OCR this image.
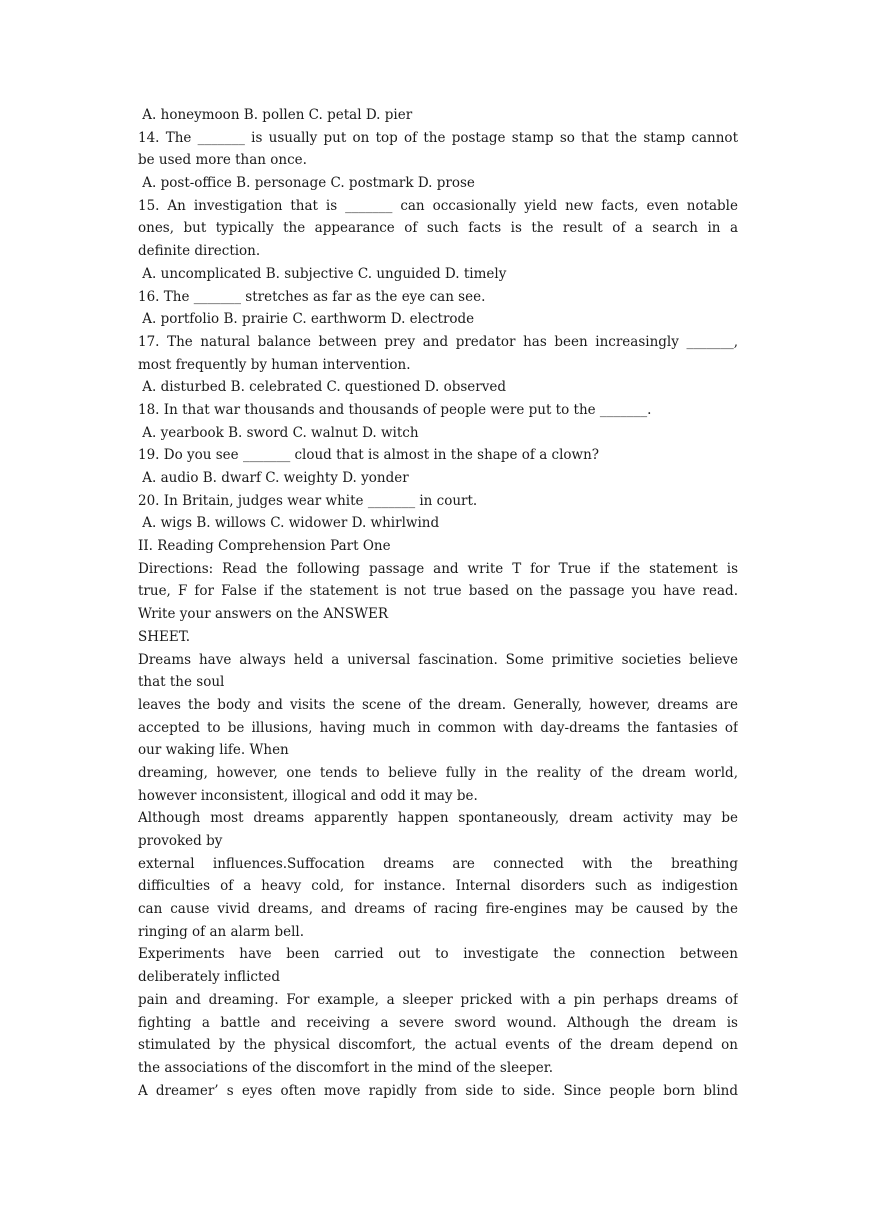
A. honeymoon B. pollen C. petal D. pier
14. The _______ is usually put on top of the postage stamp so that the stamp cannot
be used more than once.
A. post-office B. personage C. postmark D. prose
15. An investigation that is _______ can occasionally yield new facts, even notable
ones, but typically the appearance of such facts is the result of a search in a
definite direction.
A. uncomplicated B. subjective C. unguided D. timely
16. The _______ stretches as far as the eye can see.
A. portfolio B. prairie C. earthworm D. electrode
17. The natural balance between prey and predator has been increasingly _______,
most frequently by human intervention.
A. disturbed B. celebrated C. questioned D. observed
18. In that war thousands and thousands of people were put to the _______.
A. yearbook B. sword C. walnut D. witch
19. Do you see _______ cloud that is almost in the shape of a clown?
A. audio B. dwarf C. weighty D. yonder
20. In Britain, judges wear white _______ in court.
A. wigs B. willows C. widower D. whirlwind
II. Reading Comprehension Part One
Directions: Read the following passage and write T for True if the statement is
true, F for False if the statement is not true based on the passage you have read.
Write your answers on the ANSWER
SHEET.
Dreams have always held a universal fascination. Some primitive societies believe
that the soul
leaves the body and visits the scene of the dream. Generally, however, dreams are
accepted to be illusions, having much in common with day-dreams the fantasies of
our waking life. When
dreaming, however, one tends to believe fully in the reality of the dream world,
however inconsistent, illogical and odd it may be.
Although most dreams apparently happen spontaneously, dream activity may be
provoked by
external influences.Suffocation dreams are connected with the breathing
difficulties of a heavy cold, for instance. Internal disorders such as indigestion
can cause vivid dreams, and dreams of racing fire-engines may be caused by the
ringing of an alarm bell.
Experiments have been carried out to investigate the connection between
deliberately inflicted
pain and dreaming. For example, a sleeper pricked with a pin perhaps dreams of
fighting a battle and receiving a severe sword wound. Although the dream is
stimulated by the physical discomfort, the actual events of the dream depend on
the associations of the discomfort in the mind of the sleeper.
A dreamer’ s eyes often move rapidly from side to side. Since people born blind
